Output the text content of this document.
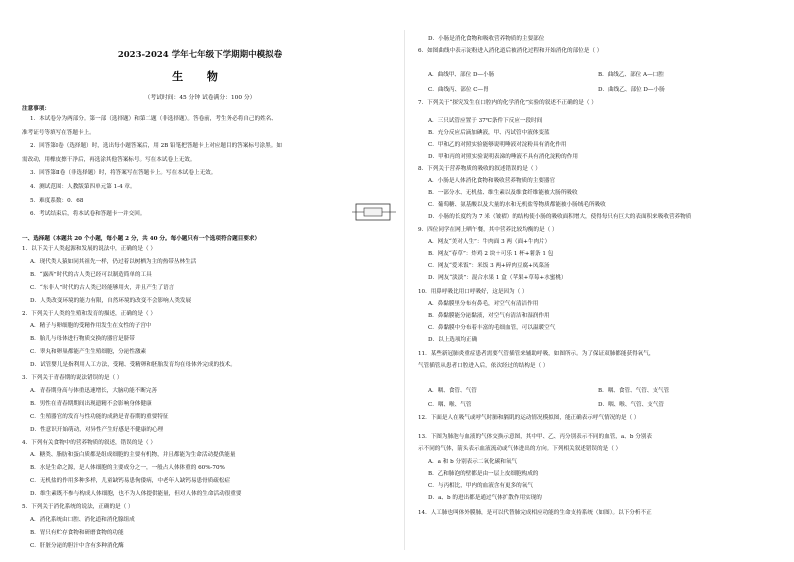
2023-2024 学年七年级下学期期中模拟卷
生 物
（考试时间：45 分钟 试卷满分：100 分）
注意事项：
1．本试卷分为两部分。第一部（选择题）和第二题（非选择题）。答卷前，考生务必将自己的姓名、
准考证号等填写在答题卡上。
2．回答第Ⅰ卷（选择题）时，选出每小题答案后，用 2B 铅笔把答题卡上对应题目的答案标号涂黑。如
需改动，用橡皮擦干净后，再选涂其他答案标号。写在本试卷上无效。
3．回答第Ⅱ卷（非选择题）时，将答案写在答题卡上。写在本试卷上无效。
4．测试范围：人教版第四单元第 1-4 章。
5．难度系数：0．68
6．考试结束后，将本试卷和答题卡一并交回。
一、选择题（本题共 20 个小题，每小题 2 分，共 40 分。每小题只有一个选项符合题目要求）
1．以下关于人类起源和发展的说法中，正确的是（ ）
A．现代类人猿如同其祖先一样，仍过着以树栖为主的热带丛林生活
B．“露西”时代的古人类已经可以制造简单的工具
C．“东非人”时代的古人类已经能够用火，并且产生了语言
D．人类改变环境的能力有限，自然环境的改变不会影响人类发展
2．下列关于人类的生殖和发育的描述，正确的是（ ）
A．精子与卵细胞的受精作用发生在女性的子宫中
B．胎儿与母体进行物质交换的器官是脐带
C．睾丸和卵巢都能产生生殖细胞，分泌性激素
D．试管婴儿是指利用人工方法，受精、受精卵和胚胎发育均在母体外完成的技术。
3．下列关于青春期的说法错误的是（ ）
A．青春期身高与体重迅速增长，大脑功能不断完善
B．男性在青春期期间出现遗精不会影响身体健康
C．生殖器官的发育与性功能的成熟是青春期的重要特征
D．性意识开始萌动，对异性产生好感是不健康的心理
4．下列有关食物中的营养物质的叙述，错误的是（ ）
A．糖类、脂肪和蛋白质都是组成细胞的主要有机物，并且都能为生命活动提供能量
B．水是生命之源，是人体细胞的主要成分之一，一般占人体体重的 60%-70%
C．无机盐的作用多种多样，儿童缺钙易患佝偻病，中老年人缺钙易患骨质疏松症
D．维生素既不参与构成人体细胞，也不为人体提供能量，但对人体的生命活动很重要
5．下列关于消化系统的说法，正确的是（ ）
A．消化系统由口腔、消化道和消化腺组成
B．胃只有贮存食物和研磨食物的功能
C．肝脏分泌的胆汁中含有多种消化酶
D．小肠是消化食物和吸收营养物质的主要部位
6．如图曲线中表示淀粉进入消化道后被消化过程和开始消化的部位是（ ）
A．曲线甲、部位 D—小肠	B．曲线乙、部位 A—口腔
C．曲线丙、部位 C—胃	D．曲线乙、部位 D—小肠
7．下列关于“探究发生在口腔内的化学消化”实验的叙述不正确的是（ ）
A．三只试管应置于 37℃条件下反应一段时间
B．充分反应后滴加碘液，甲、丙试管中液体变蓝
C．甲和乙的对照实验能够说明唾液对淀粉具有消化作用
D．甲和丙的对照实验说明表涕的唾液不具有消化淀粉的作用
8．下列关于营养物质的吸收的叙述错误的是（ ）
A．小肠是人体消化食物和吸收营养物质的主要器官
B．一部分水、无机盐、维生素以及维食纤维能被大肠所吸收
C．葡萄糖、氨基酸以及大量的水和无机盐等物质都能被小肠绒毛所吸收
D．小肠的长度约为 7 米（皱褶）的结构使小肠的吸收面积增大，使得每只有巨大的表面积来吸收营养物质
9．四位同学在网上晒午餐，其中营养比较均衡的是（ ）
A．网友“美对人生”：牛肉面 3 两（面+牛肉片）
B．网友“春草”：炸鸡 2 块＋可乐 1 杯+薯条 1 包
C．网友“爱米饭”：米饭 3 两+碎肉豆腐+凤菜汤
D．网友“淡淡”：混合水果 1 盒（苹果+草莓+水蜜桃）
10．用鼻呼吸比用口呼吸好，这是因为（ ）
A．鼻黏膜里分布有鼻毛，对空气有清洁作用
B．鼻黏膜能分泌黏液，对空气有清洁和湿润作用
C．鼻黏膜中分布着丰富的毛细血管，可以温暖空气
D．以上选项均正确
11．某些新冠肺炎重症患者需要气管插管来辅助呼吸，如图所示。为了保证双肺都能获得氧气，
气管插管从患者口腔进入后，依次经过的结构是（ ）
A．咽、食管、气管	B．咽、食管、气管、支气管
C．咽、喉、气管	D．咽、喉、气管、支气管
12．下面是人在吸气或呼气时肺和膈肌的运动情况模拟图，能正确表示呼气情况的是（ ）
13．下图为肺泡与血液的气体交换示意图，其中甲、乙、丙分别表示不同的血管，a、b 分别表
示不同的气体，箭头表示血液流动或气体进出的方向。下列相关叙述错误的是（ ）
A．a 和 b 分别表示二氧化碳和氧气
B．乙和肺泡的壁都是由一层上皮细胞构成的
C．与丙相比，甲内的血液含有更多的氧气
D．a、b 的进出都是通过气体扩散作用实现的
14．人工肺也叫体外膜肺，是可以代替肺完成相应功能的生命支持系统（如图）。以下分析不正
